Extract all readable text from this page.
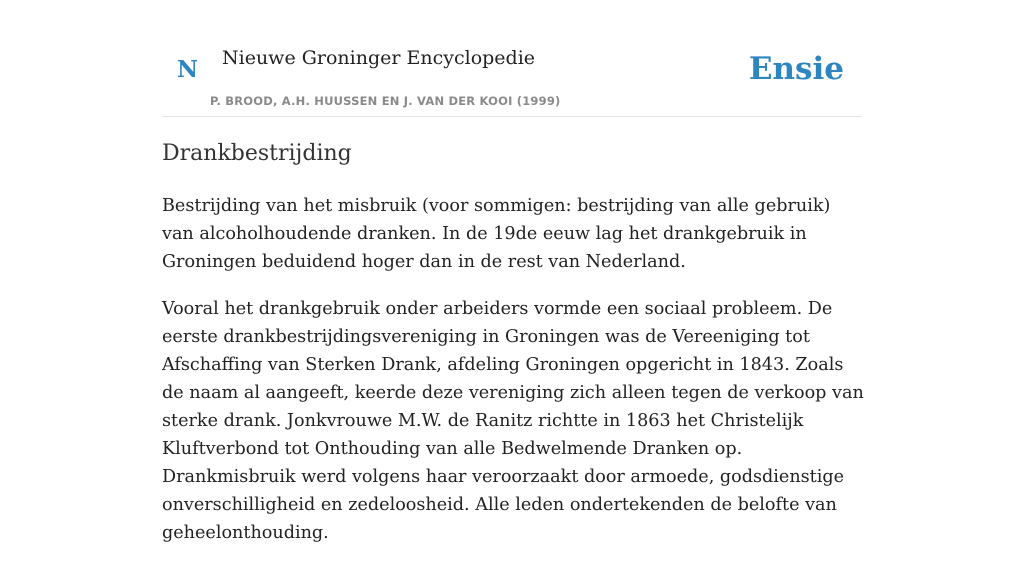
N Nieuwe Groninger Encyclopedie
P. BROOD, A.H. HUUSSEN EN J. VAN DER KOOI (1999)
Ensie
Drankbestrijding

Bestrijding van het misbruik (voor sommigen: bestrijding van alle gebruik) van alcoholhoudende dranken. In de 19de eeuw lag het drankgebruik in Groningen beduidend hoger dan in de rest van Nederland.

Vooral het drankgebruik onder arbeiders vormde een sociaal probleem. De eerste drankbestrijdingsvereniging in Groningen was de Vereeniging tot Afschaffing van Sterken Drank, afdeling Groningen opgericht in 1843. Zoals de naam al aangeeft, keerde deze vereniging zich alleen tegen de verkoop van sterke drank. Jonkvrouwe M.W. de Ranitz richtte in 1863 het Christelijk Kluftverbond tot Onthouding van alle Bedwelmende Dranken op. Drankmisbruik werd volgens haar veroorzaakt door armoede, godsdienstige onverschilligheid en zedeloosheid. Alle leden ondertekenden de belofte van geheelonthouding.
